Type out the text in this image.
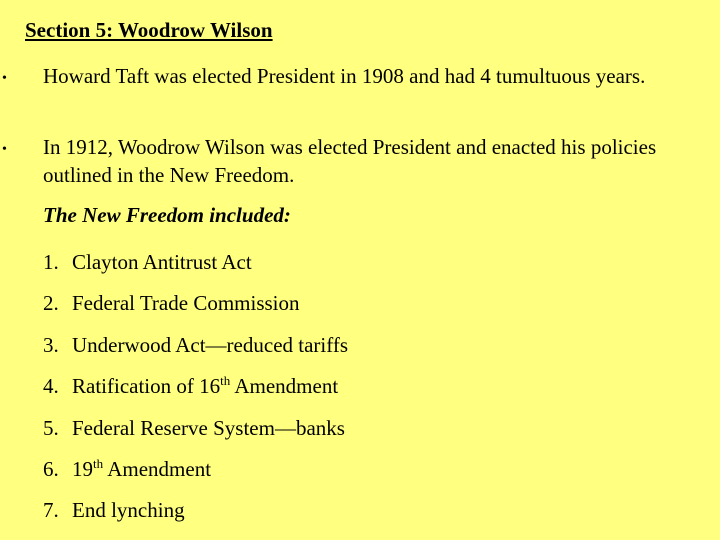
Section 5: Woodrow Wilson
• Howard Taft was elected President in 1908 and had 4 tumultuous years.
• In 1912, Woodrow Wilson was elected President and enacted his policies outlined in the New Freedom.
The New Freedom included:
1. Clayton Antitrust Act
2. Federal Trade Commission
3. Underwood Act—reduced tariffs
4. Ratification of 16th Amendment
5. Federal Reserve System—banks
6. 19th Amendment
7. End lynching
